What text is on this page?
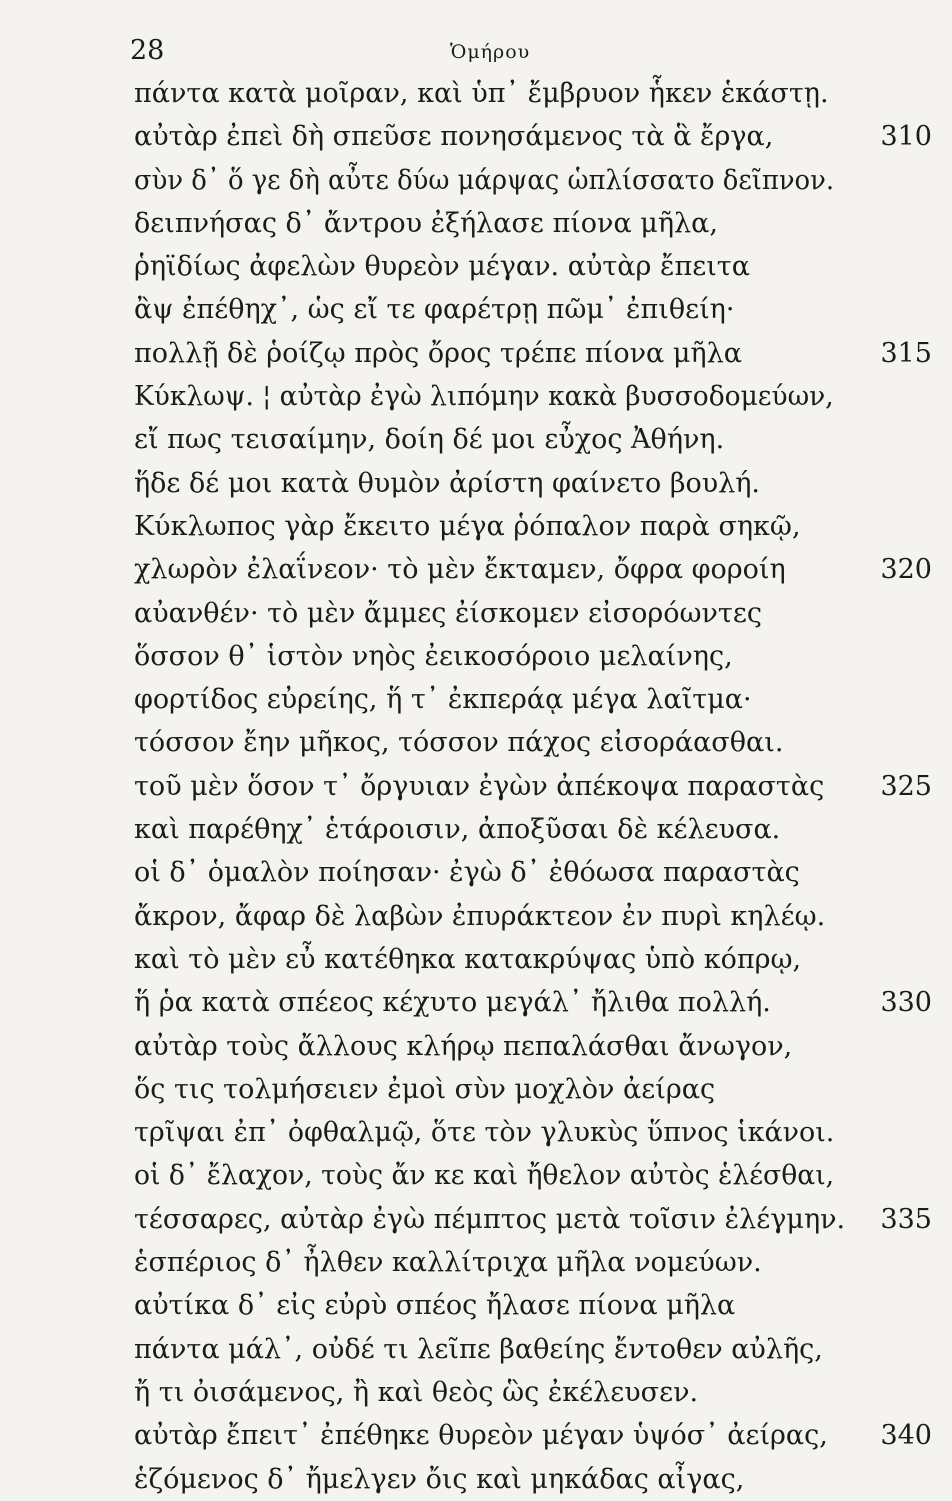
28	Ὁμήρου
πάντα κατὰ μοῖραν, καὶ ὑπ᾽ ἔμβρυον ἧκεν ἑκάστῃ.
αὐτὰρ ἐπεὶ δὴ σπεῦσε πονησάμενος τὰ ἃ ἔργα,	310
σὺν δ᾽ ὅ γε δὴ αὖτε δύω μάρψας ὡπλίσσατο δεῖπνον.
δειπνήσας δ᾽ ἄντρου ἐξήλασε πίονα μῆλα,
ῥηϊδίως ἀφελὼν θυρεὸν μέγαν. αὐτὰρ ἔπειτα
ἂψ ἐπέθηχ᾽, ὡς εἴ τε φαρέτρῃ πῶμ᾽ ἐπιθείη·
πολλῇ δὲ ῥοίζῳ πρὸς ὄρος τρέπε πίονα μῆλα	315
Κύκλωψ. ¦ αὐτὰρ ἐγὼ λιπόμην κακὰ βυσσοδομεύων,
εἴ πως τεισαίμην, δοίη δέ μοι εὖχος Ἀθήνη.
ἥδε δέ μοι κατὰ θυμὸν ἀρίστη φαίνετο βουλή.
Κύκλωπος γὰρ ἔκειτο μέγα ῥόπαλον παρὰ σηκῷ,
χλωρὸν ἐλαΐνεον· τὸ μὲν ἔκταμεν, ὄφρα φοροίη	320
αὐανθέν· τὸ μὲν ἄμμες ἐίσκομεν εἰσορόωντες
ὅσσον θ᾽ ἱστὸν νηὸς ἐεικοσόροιο μελαίνης,
φορτίδος εὐρείης, ἥ τ᾽ ἐκπεράᾳ μέγα λαῖτμα·
τόσσον ἔην μῆκος, τόσσον πάχος εἰσοράασθαι.
τοῦ μὲν ὅσον τ᾽ ὄργυιαν ἐγὼν ἀπέκοψα παραστὰς 325
καὶ παρέθηχ᾽ ἑτάροισιν, ἀποξῦσαι δὲ κέλευσα.
οἱ δ᾽ ὁμαλὸν ποίησαν· ἐγὼ δ᾽ ἐθόωσα παραστὰς
ἄκρον, ἄφαρ δὲ λαβὼν ἐπυράκτεον ἐν πυρὶ κηλέῳ.
καὶ τὸ μὲν εὖ κατέθηκα κατακρύψας ὑπὸ κόπρῳ,
ἥ ῥα κατὰ σπέεος κέχυτο μεγάλ᾽ ἤλιθα πολλή.	330
αὐτὰρ τοὺς ἄλλους κλήρῳ πεπαλάσθαι ἄνωγον,
ὅς τις τολμήσειεν ἐμοὶ σὺν μοχλὸν ἀείρας
τρῖψαι ἐπ᾽ ὀφθαλμῷ, ὅτε τὸν γλυκὺς ὕπνος ἱκάνοι.
οἱ δ᾽ ἔλαχον, τοὺς ἄν κε καὶ ἤθελον αὐτὸς ἑλέσθαι,
τέσσαρες, αὐτὰρ ἐγὼ πέμπτος μετὰ τοῖσιν ἐλέγμην. 335
ἑσπέριος δ᾽ ἦλθεν καλλίτριχα μῆλα νομεύων.
αὐτίκα δ᾽ εἰς εὐρὺ σπέος ἤλασε πίονα μῆλα
πάντα μάλ᾽, οὐδέ τι λεῖπε βαθείης ἔντοθεν αὐλῆς,
ἤ τι ὀισάμενος, ἢ καὶ θεὸς ὣς ἐκέλευσεν.
αὐτὰρ ἔπειτ᾽ ἐπέθηκε θυρεὸν μέγαν ὑψόσ᾽ ἀείρας, 340
ἑζόμενος δ᾽ ἤμελγεν ὄις καὶ μηκάδας αἶγας,
